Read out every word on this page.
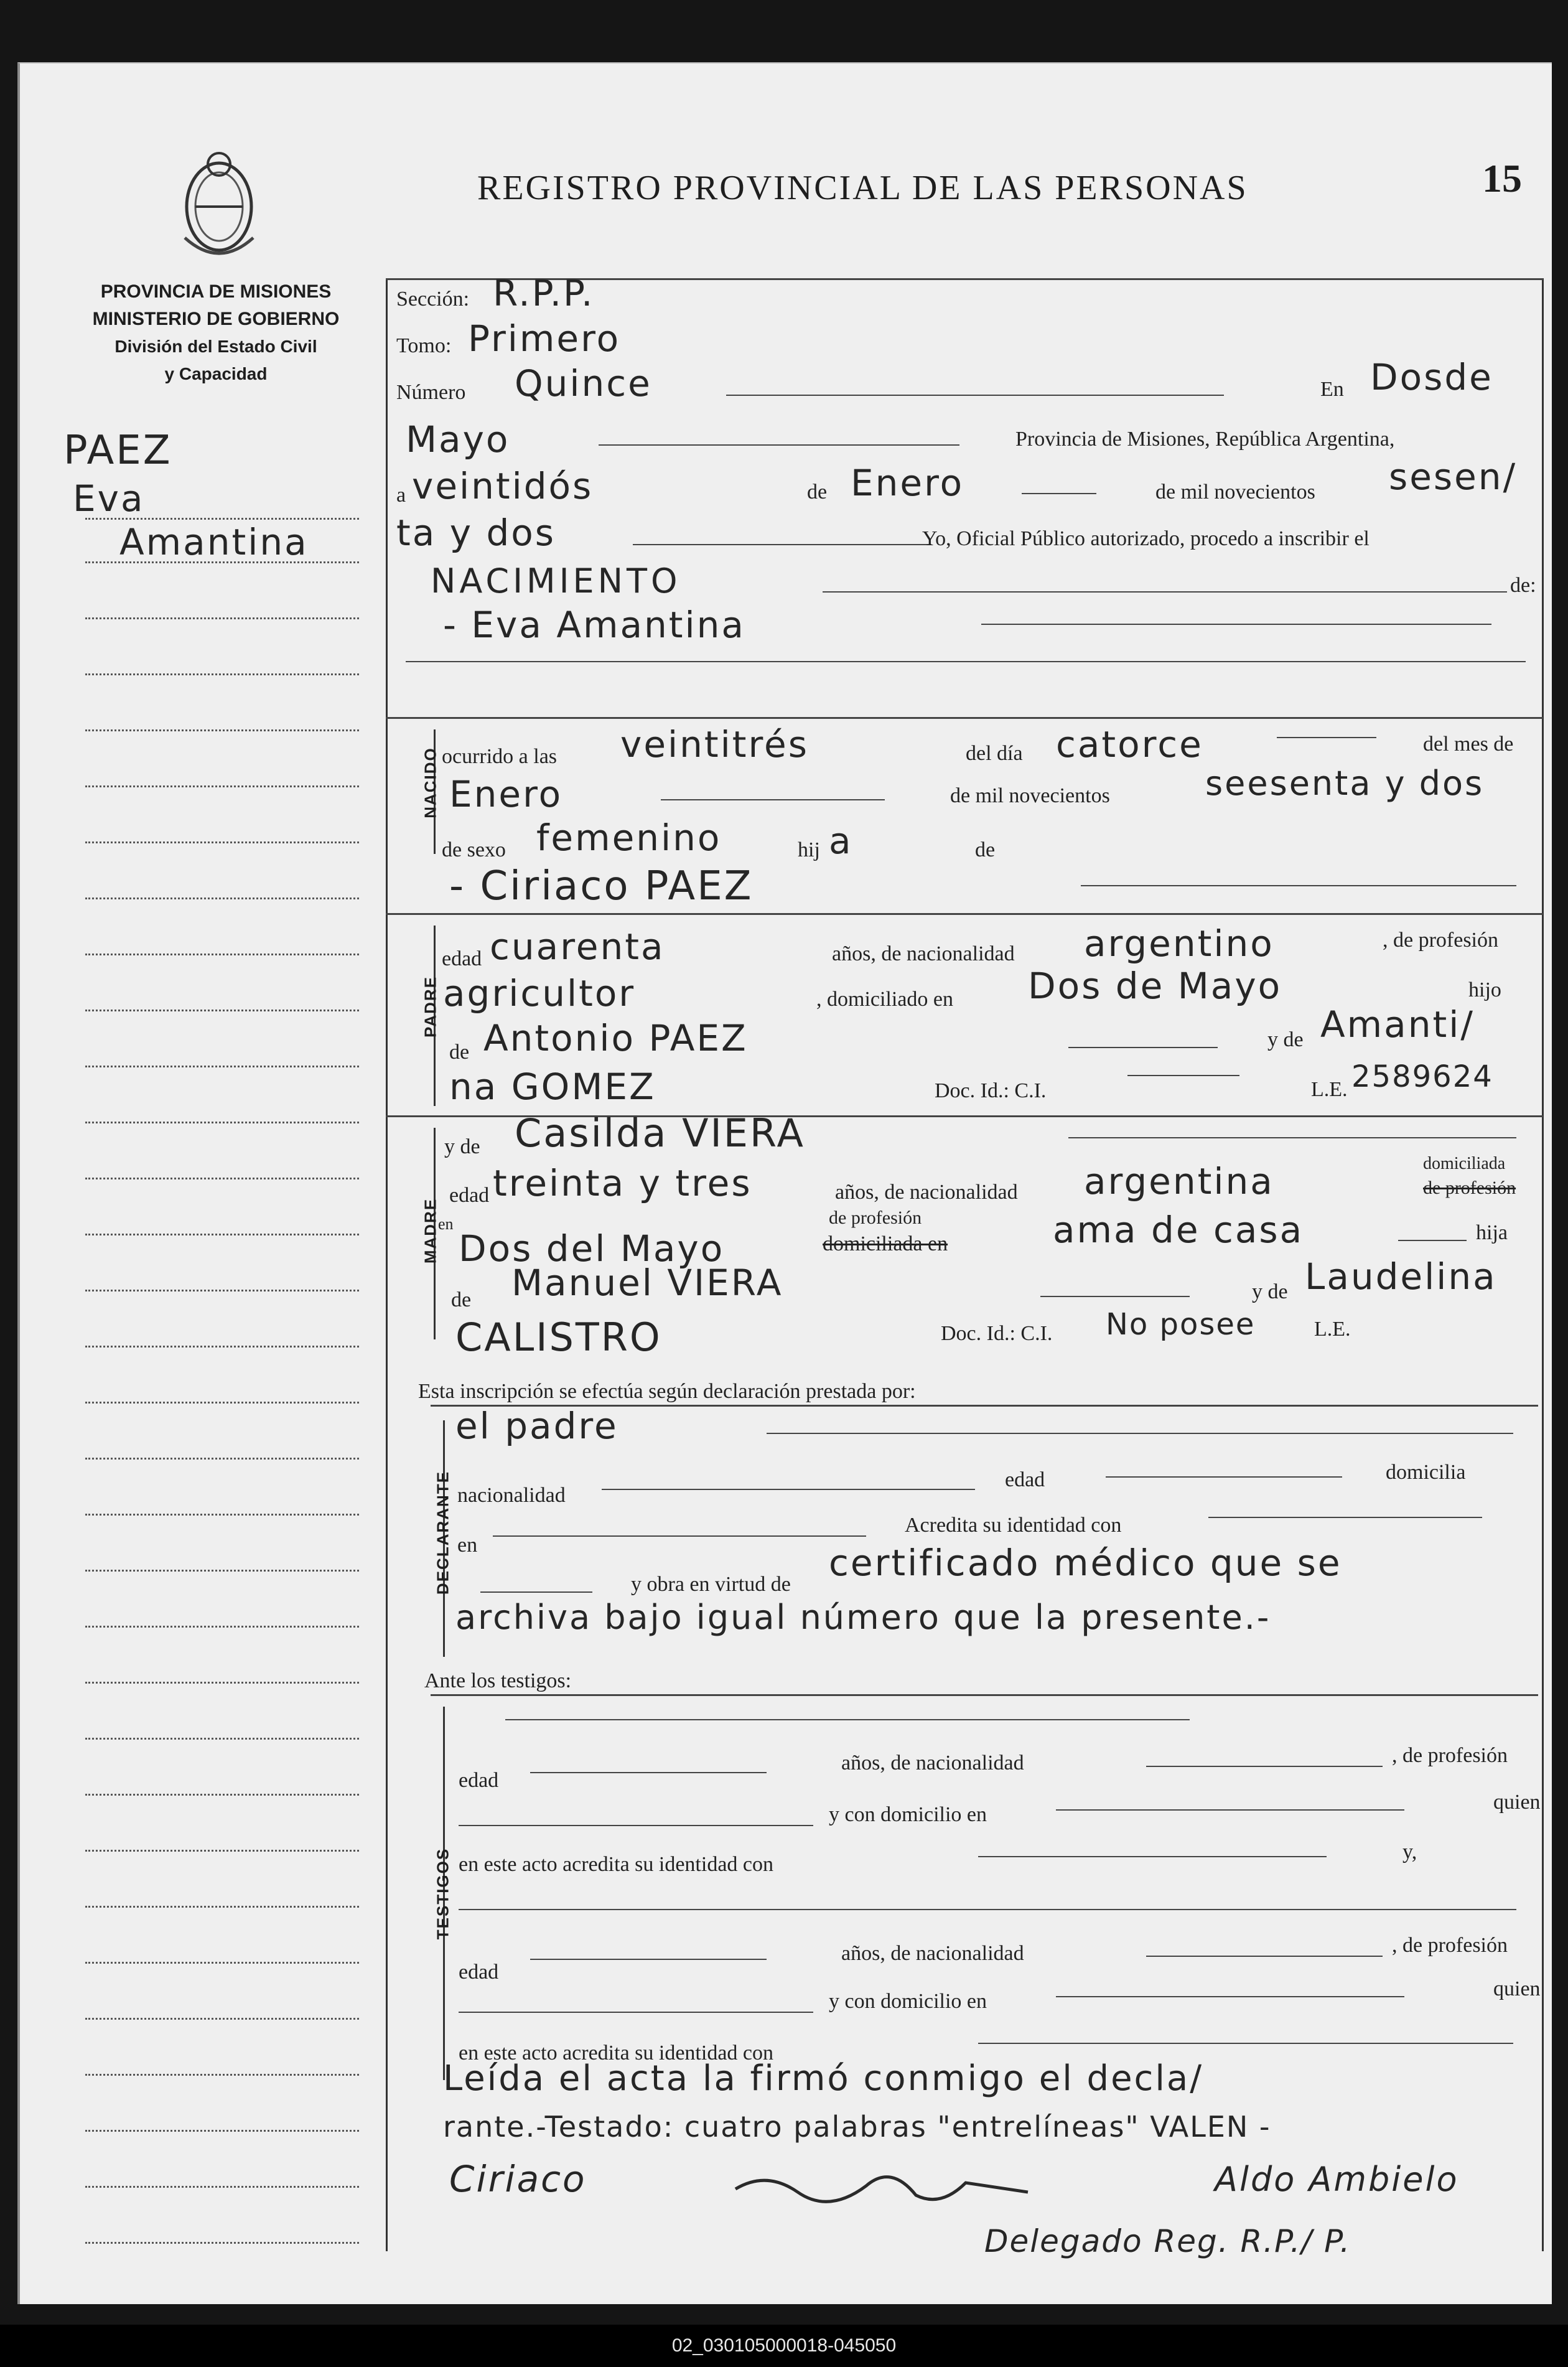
REGISTRO PROVINCIAL DE LAS PERSONAS	15
PROVINCIA DE MISIONES
MINISTERIO DE GOBIERNO
División del Estado Civil
y Capacidad
PAEZ
Eva
Amantina
Sección: R.P.P.
Tomo: Primero
Número Quince	En Dosde
Mayo	Provincia de Misiones, República Argentina,
a veintidós	de Enero	de mil novecientos sesen/
ta y dos	Yo, Oficial Público autorizado, procedo a inscribir el
NACIMIENTO	de:
- Eva Amantina
NACIDO ocurrido a las veintitrés	del día catorce	del mes de
Enero	de mil novecientos	seesenta y dos
de sexo femenino	hij a	de
- Ciriaco PAEZ
PADRE
edad cuarenta	años, de nacionalidad argentino	, de profesión
agricultor	, domiciliado en Dos de Mayo	hijo
de Antonio PAEZ	y de Amanti/
na GOMEZ	Doc. Id.: C.I.	L.E. 2589624
MADRE
y de Casilda VIERA
edad treinta y tres	años, de nacionalidad argentina	domiciliada
de profesión
en
Dos del Mayo
de profesión
domiciliada en	ama de casa	hija
de Manuel VIERA	y de Laudelina
CALISTRO	Doc. Id.: C.I. No posee	L.E.
Esta inscripción se efectúa según declaración prestada por:
DECLARANTE
el padre
nacionalidad
edad	domicilia
en
Acredita su identidad con
y obra en virtud de
certificado médico que se
archiva bajo igual número que la presente.-
Ante los testigos:
TESTIGOS
edad
años, de nacionalidad	, de profesión
y con domicilio en
quien
en este acto acredita su identidad con
y,
edad
años, de nacionalidad	, de profesión
y con domicilio en
quien
en este acto acredita su identidad con
Leída el acta la firmó conmigo el decla/
rante.-Testado: cuatro palabras "entrelíneas" VALEN -
Ciriaco	Aldo Ambielo
Delegado Reg. R.P./ P.
02_030105000018-045050
